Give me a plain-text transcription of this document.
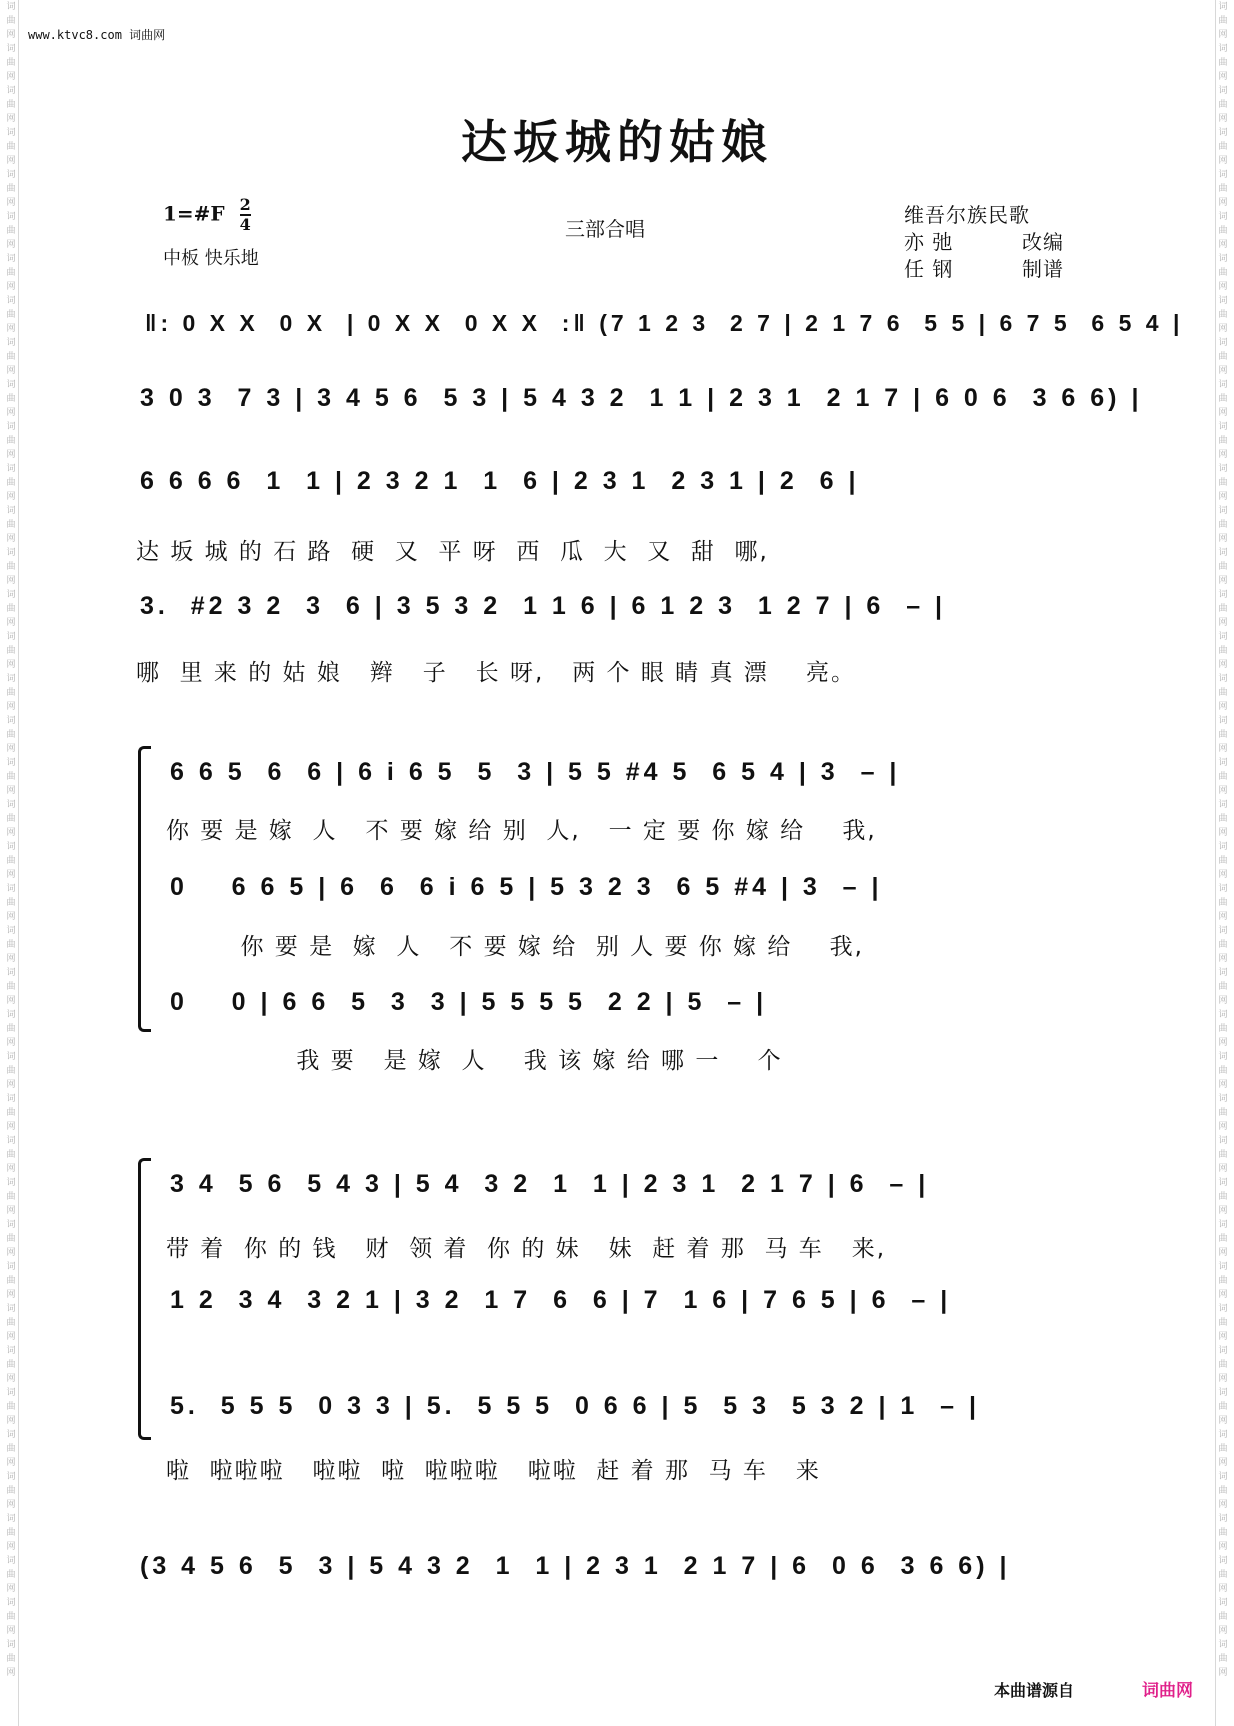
词曲网 词曲网 词曲网 词曲网 词曲网 词曲网 词曲网 词曲网 词曲网 词曲网 词曲网 词曲网 词曲网 词曲网 词曲网 词曲网 词曲网 词曲网 词曲网 词曲网 词曲网 词曲网 词曲网 词曲网 词曲网 词曲网 词曲网 词曲网 词曲网 词曲网 词曲网 词曲网 词曲网 词曲网 词曲网 词曲网 词曲网 词曲网 词曲网 词曲网
词曲网 词曲网 词曲网 词曲网 词曲网 词曲网 词曲网 词曲网 词曲网 词曲网 词曲网 词曲网 词曲网 词曲网 词曲网 词曲网 词曲网 词曲网 词曲网 词曲网 词曲网 词曲网 词曲网 词曲网 词曲网 词曲网 词曲网 词曲网 词曲网 词曲网 词曲网 词曲网 词曲网 词曲网 词曲网 词曲网 词曲网 词曲网 词曲网 词曲网
www.ktvc8.com 词曲网
达坂城的姑娘
1=#F $\frac{2}{4}$
中板 快乐地
三部合唱
维吾尔族民歌
亦 弛	改编
任 钢	制谱
‖: 0 X X  0 X  | 0 X X  0 X X  :‖ (7 1 2 3  2 7 | 2 1 7 6  5 5 | 6 7 5  6 5 4 |
3 0 3  7 3 | 3 4 5 6  5 3 | 5 4 3 2  1 1 | 2 3 1  2 1 7 | 6 0 6  3 6 6) |
6 6 6 6  1  1 | 2 3 2 1  1  6 | 2 3 1  2 3 1 | 2  6 |
达 坂 城 的 石 路  硬  又  平 呀  西  瓜  大  又  甜  哪,
3.  #2 3 2  3  6 | 3 5 3 2  1 1 6 | 6 1 2 3  1 2 7 | 6  – |
哪  里 来 的 姑 娘   辫   子   长 呀,   两 个 眼 睛 真 漂    亮。
6 6 5  6  6 | 6 i 6 5  5  3 | 5 5 #4 5  6 5 4 | 3  – |
你 要 是 嫁  人   不 要 嫁 给 别  人,   一 定 要 你 嫁 给    我,
0    6 6 5 | 6  6  6 i 6 5 | 5 3 2 3  6 5 #4 | 3  – |
你 要 是  嫁  人   不 要 嫁 给  别 人 要 你 嫁 给    我,
0    0 | 6 6  5  3  3 | 5 5 5 5  2 2 | 5  – |
我 要   是 嫁  人    我 该 嫁 给 哪 一    个
3 4  5 6  5 4 3 | 5 4  3 2  1  1 | 2 3 1  2 1 7 | 6  – |
带 着  你 的 钱   财  领 着  你 的 妹   妹  赶 着 那  马 车   来,
1 2  3 4  3 2 1 | 3 2  1 7  6  6 | 7  1 6 | 7 6 5 | 6  – |
5.  5 5 5  0 3 3 | 5.  5 5 5  0 6 6 | 5  5 3  5 3 2 | 1  – |
啦  啦啦啦   啦啦  啦  啦啦啦   啦啦  赶 着 那  马 车   来
(3 4 5 6  5  3 | 5 4 3 2  1  1 | 2 3 1  2 1 7 | 6  0 6  3 6 6) |
本曲谱源自	词曲网
